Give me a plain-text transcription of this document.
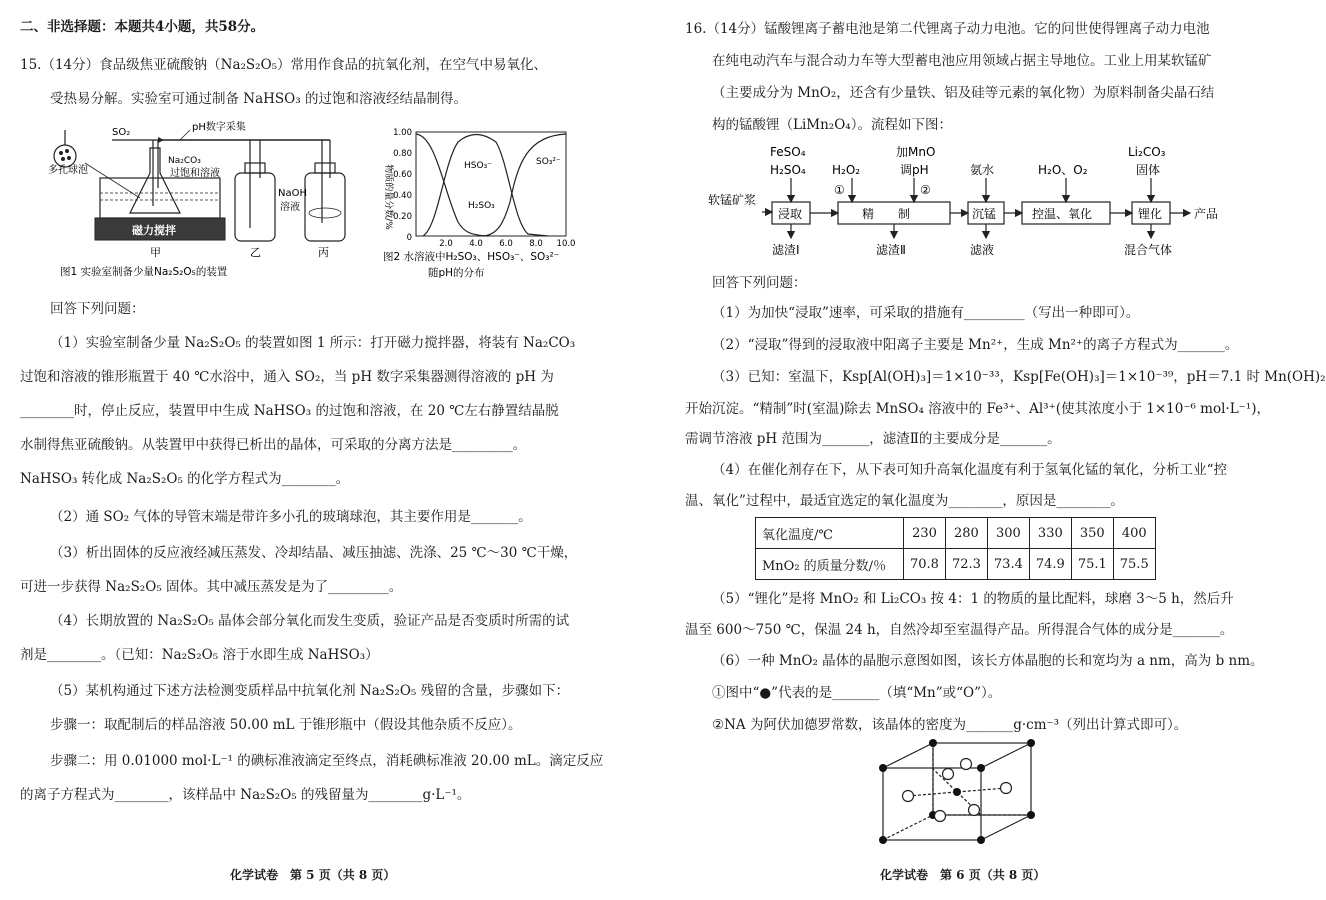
二、非选择题：本题共4小题，共58分。
15.（14分）食品级焦亚硫酸钠（Na₂S₂O₅）常用作食品的抗氧化剂，在空气中易氧化、
受热易分解。实验室可通过制备 NaHSO₃ 的过饱和溶液经结晶制得。
多孔球泡
SO₂	pH数字采集
磁力搅拌
Na₂CO₃
过饱和溶液
甲	乙
NaOH
溶液
丙
图1 实验室制备少量Na₂S₂O₅的装置
物质的量分数/%
1.00
0.80
0.60
0.40
0.20
0
2.0 4.0 6.0 8.0 10.0
HSO₃⁻	SO₃²⁻
H₂SO₃
图2 水溶液中H₂SO₃、HSO₃⁻、SO₃²⁻
随pH的分布
回答下列问题：
（1）实验室制备少量 Na₂S₂O₅ 的装置如图 1 所示：打开磁力搅拌器，将装有 Na₂CO₃
过饱和溶液的锥形瓶置于 40 ℃水浴中，通入 SO₂，当 pH 数字采集器测得溶液的 pH 为
________时，停止反应，装置甲中生成 NaHSO₃ 的过饱和溶液，在 20 ℃左右静置结晶脱
水制得焦亚硫酸钠。从装置甲中获得已析出的晶体，可采取的分离方法是_________。
NaHSO₃ 转化成 Na₂S₂O₅ 的化学方程式为________。
（2）通 SO₂ 气体的导管末端是带许多小孔的玻璃球泡，其主要作用是_______。
（3）析出固体的反应液经减压蒸发、冷却结晶、减压抽滤、洗涤、25 ℃～30 ℃干燥，
可进一步获得 Na₂S₂O₅ 固体。其中减压蒸发是为了_________。
（4）长期放置的 Na₂S₂O₅ 晶体会部分氧化而发生变质，验证产品是否变质时所需的试
剂是________。（已知：Na₂S₂O₅ 溶于水即生成 NaHSO₃）
（5）某机构通过下述方法检测变质样品中抗氧化剂 Na₂S₂O₅ 残留的含量，步骤如下：
步骤一：取配制后的样品溶液 50.00 mL 于锥形瓶中（假设其他杂质不反应）。
步骤二：用 0.01000 mol·L⁻¹ 的碘标准液滴定至终点，消耗碘标准液 20.00 mL。滴定反应
的离子方程式为________，该样品中 Na₂S₂O₅ 的残留量为________g·L⁻¹。
化学试卷　第 5 页（共 8 页）
16.（14分）锰酸锂离子蓄电池是第二代锂离子动力电池。它的问世使得锂离子动力电池
在纯电动汽车与混合动力车等大型蓄电池应用领域占据主导地位。工业上用某软锰矿
（主要成分为 MnO₂，还含有少量铁、铝及硅等元素的氧化物）为原料制备尖晶石结
构的锰酸锂（LiMn₂O₄）。流程如下图：
软锰矿浆
浸取	精　　制	沉锰	控温、氧化	锂化	产品
FeSO₄
H₂SO₄ H₂O₂
①
加MnO
调pH
②
氨水	H₂O、O₂
Li₂CO₃
固体
滤渣Ⅰ	滤渣Ⅱ	滤液	混合气体
回答下列问题：
（1）为加快“浸取”速率，可采取的措施有_________（写出一种即可）。
（2）“浸取”得到的浸取液中阳离子主要是 Mn²⁺，生成 Mn²⁺的离子方程式为_______。
（3）已知：室温下，Ksp[Al(OH)₃]＝1×10⁻³³，Ksp[Fe(OH)₃]＝1×10⁻³⁹，pH＝7.1 时 Mn(OH)₂
开始沉淀。“精制”时(室温)除去 MnSO₄ 溶液中的 Fe³⁺、Al³⁺(使其浓度小于 1×10⁻⁶ mol·L⁻¹)，
需调节溶液 pH 范围为_______，滤渣Ⅱ的主要成分是_______。
（4）在催化剂存在下，从下表可知升高氧化温度有利于氢氧化锰的氧化，分析工业“控
温、氧化”过程中，最适宜选定的氧化温度为________，原因是________。
氧化温度/℃	230	280	300	330	350	400
MnO₂ 的质量分数/％	70.8	72.3	73.4	74.9	75.1	75.5
（5）“锂化”是将 MnO₂ 和 Li₂CO₃ 按 4：1 的物质的量比配料，球磨 3～5 h，然后升
温至 600～750 ℃，保温 24 h，自然冷却至室温得产品。所得混合气体的成分是_______。
（6）一种 MnO₂ 晶体的晶胞示意图如图，该长方体晶胞的长和宽均为 a nm，高为 b nm。
①图中“●”代表的是_______（填“Mn”或“O”）。
②NA 为阿伏加德罗常数，该晶体的密度为_______g·cm⁻³（列出计算式即可）。
化学试卷　第 6 页（共 8 页）
